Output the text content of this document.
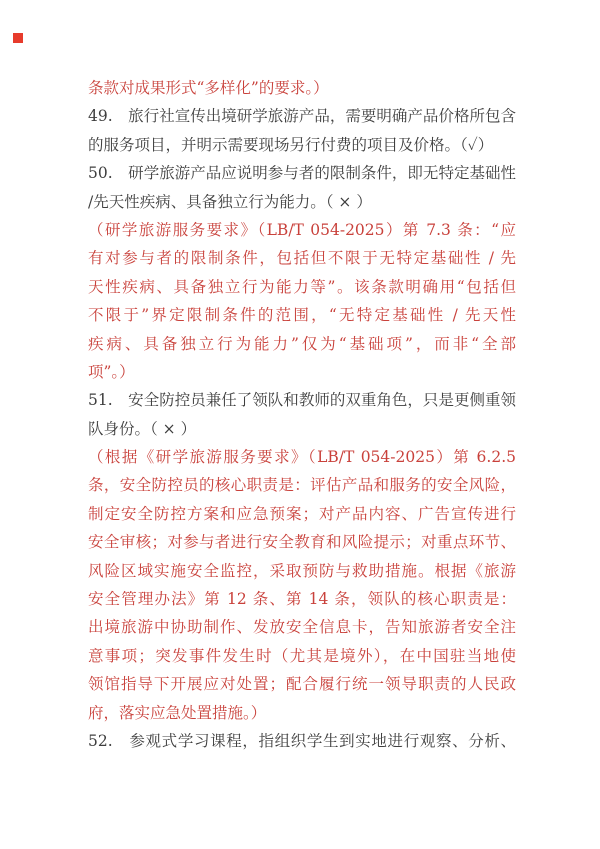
条款对成果形式“多样化”的要求。）
49.　旅行社宣传出境研学旅游产品，需要明确产品价格所包含
的服务项目，并明示需要现场另行付费的项目及价格。（✓）
50.　研学旅游产品应说明参与者的限制条件，即无特定基础性
/先天性疾病、具备独立行为能力。（ × ）
（研学旅游服务要求》（LB/T 054-2025）第 7.3 条：“应
有对参与者的限制条件，包括但不限于无特定基础性 / 先
天性疾病、具备独立行为能力等”。该条款明确用“包括但
不限于”界定限制条件的范围，“无特定基础性 / 先天性
疾病、具备独立行为能力”仅为“基础项”，而非“全部
项”。）
51.　安全防控员兼任了领队和教师的双重角色，只是更侧重领
队身份。（ × ）
（根据《研学旅游服务要求》（LB/T 054-2025）第 6.2.5
条，安全防控员的核心职责是：评估产品和服务的安全风险，
制定安全防控方案和应急预案；对产品内容、广告宣传进行
安全审核；对参与者进行安全教育和风险提示；对重点环节、
风险区域实施安全监控，采取预防与救助措施。根据《旅游
安全管理办法》第 12 条、第 14 条，领队的核心职责是：
出境旅游中协助制作、发放安全信息卡，告知旅游者安全注
意事项；突发事件发生时（尤其是境外），在中国驻当地使
领馆指导下开展应对处置；配合履行统一领导职责的人民政
府，落实应急处置措施。）
52.　参观式学习课程，指组织学生到实地进行观察、分析、
